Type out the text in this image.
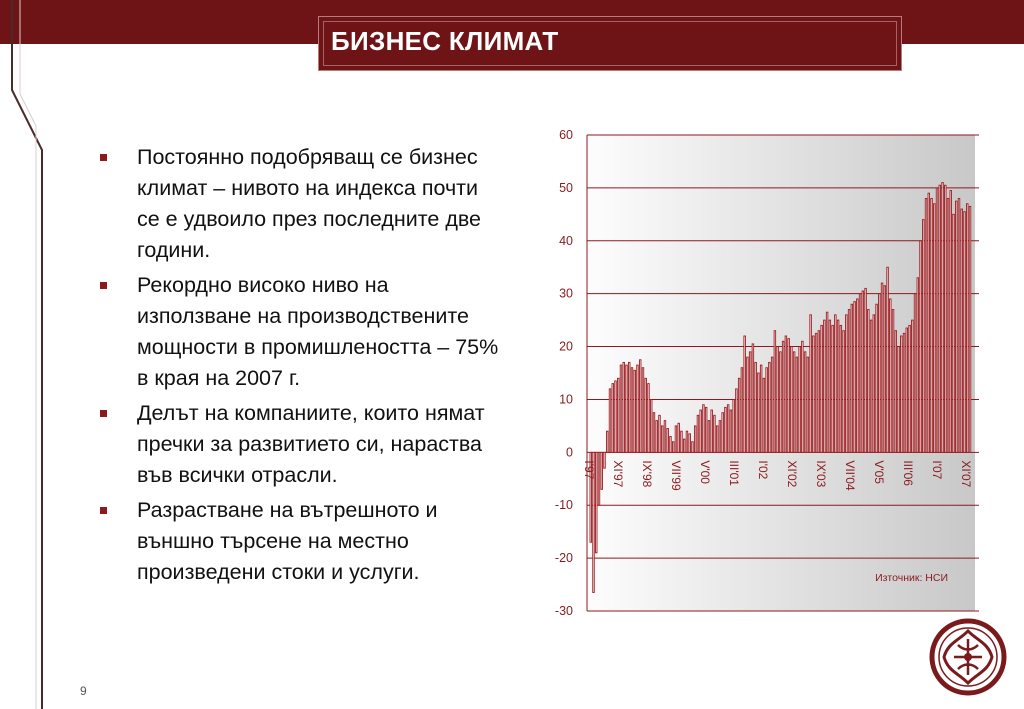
БИЗНЕС КЛИМАТ
Постоянно подобряващ се бизнес климат – нивото на индекса почти се е удвоило през последните две години.
Рекордно високо ниво на използване на производствените мощности в промишлеността – 75% в края на 2007 г.
Делът на компаниите, които нямат пречки за развитието си, нараства във всички отрасли.
Разрастване на вътрешното и външно търсене на местно произведени стоки и услуги.
9
60
50
40
30
20
10
0
-10
-20
-30
I'97 XI'97 IX'98 VII'99 V'00 III'01 I'02 XI'02 IX'03 VII'04 V'05 III'06 I'07 XI'07
Източник: НСИ
